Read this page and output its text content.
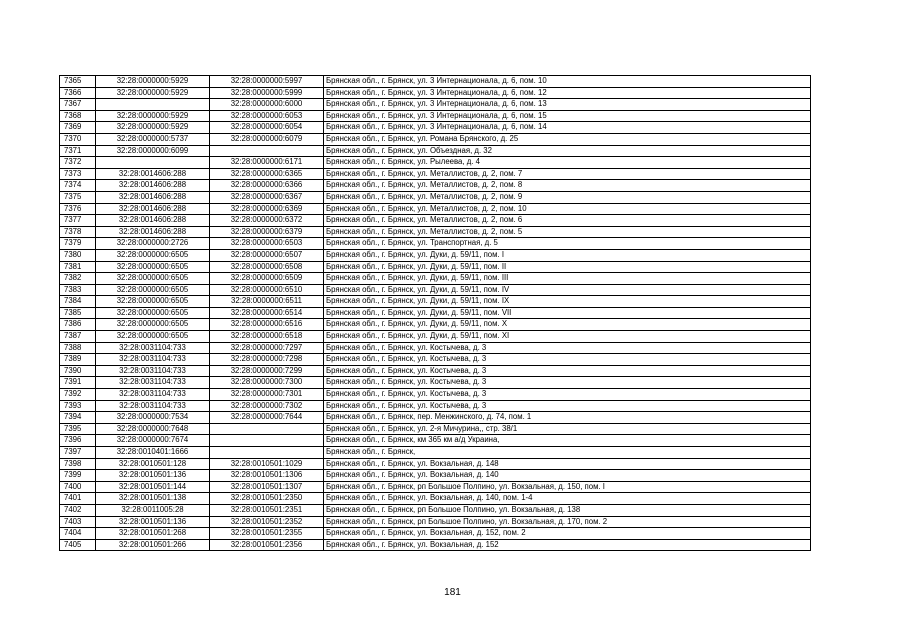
7365	32:28:0000000:5929	32:28:0000000:5997	Брянская обл., г. Брянск, ул. 3 Интернационала, д. 6, пом. 10
7366	32:28:0000000:5929	32:28:0000000:5999	Брянская обл., г. Брянск, ул. 3 Интернационала, д. 6, пом. 12
7367		32:28:0000000:6000	Брянская обл., г. Брянск, ул. 3 Интернационала, д. 6, пом. 13
7368	32:28:0000000:5929	32:28:0000000:6053	Брянская обл., г. Брянск, ул. 3 Интернационала, д. 6, пом. 15
7369	32:28:0000000:5929	32:28:0000000:6054	Брянская обл., г. Брянск, ул. 3 Интернационала, д. 6, пом. 14
7370	32:28:0000000:5737	32:28:0000000:6079	Брянская обл., г. Брянск, ул. Романа Брянского, д. 25
7371	32:28:0000000:6099		Брянская обл., г. Брянск, ул. Объездная, д. 32
7372		32:28:0000000:6171	Брянская обл., г. Брянск, ул. Рылеева, д. 4
7373	32:28:0014606:288	32:28:0000000:6365	Брянская обл., г. Брянск, ул. Металлистов, д. 2, пом. 7
7374	32:28:0014606:288	32:28:0000000:6366	Брянская обл., г. Брянск, ул. Металлистов, д. 2, пом. 8
7375	32:28:0014606:288	32:28:0000000:6367	Брянская обл., г. Брянск, ул. Металлистов, д. 2, пом. 9
7376	32:28:0014606:288	32:28:0000000:6369	Брянская обл., г. Брянск, ул. Металлистов, д. 2, пом. 10
7377	32:28:0014606:288	32:28:0000000:6372	Брянская обл., г. Брянск, ул. Металлистов, д. 2, пом. 6
7378	32:28:0014606:288	32:28:0000000:6379	Брянская обл., г. Брянск, ул. Металлистов, д. 2, пом. 5
7379	32:28:0000000:2726	32:28:0000000:6503	Брянская обл., г. Брянск, ул. Транспортная, д. 5
7380	32:28:0000000:6505	32:28:0000000:6507	Брянская обл., г. Брянск, ул. Дуки, д. 59/11, пом. I
7381	32:28:0000000:6505	32:28:0000000:6508	Брянская обл., г. Брянск, ул. Дуки, д. 59/11, пом. II
7382	32:28:0000000:6505	32:28:0000000:6509	Брянская обл., г. Брянск, ул. Дуки, д. 59/11, пом. III
7383	32:28:0000000:6505	32:28:0000000:6510	Брянская обл., г. Брянск, ул. Дуки, д. 59/11, пом. IV
7384	32:28:0000000:6505	32:28:0000000:6511	Брянская обл., г. Брянск, ул. Дуки, д. 59/11, пом. IX
7385	32:28:0000000:6505	32:28:0000000:6514	Брянская обл., г. Брянск, ул. Дуки, д. 59/11, пом. VII
7386	32:28:0000000:6505	32:28:0000000:6516	Брянская обл., г. Брянск, ул. Дуки, д. 59/11, пом. X
7387	32:28:0000000:6505	32:28:0000000:6518	Брянская обл., г. Брянск, ул. Дуки, д. 59/11, пом. XI
7388	32:28:0031104:733	32:28:0000000:7297	Брянская обл., г. Брянск, ул. Костычева, д. 3
7389	32:28:0031104:733	32:28:0000000:7298	Брянская обл., г. Брянск, ул. Костычева, д. 3
7390	32:28:0031104:733	32:28:0000000:7299	Брянская обл., г. Брянск, ул. Костычева, д. 3
7391	32:28:0031104:733	32:28:0000000:7300	Брянская обл., г. Брянск, ул. Костычева, д. 3
7392	32:28:0031104:733	32:28:0000000:7301	Брянская обл., г. Брянск, ул. Костычева, д. 3
7393	32:28:0031104:733	32:28:0000000:7302	Брянская обл., г. Брянск, ул. Костычева, д. 3
7394	32:28:0000000:7534	32:28:0000000:7644	Брянская обл., г. Брянск, пер. Менжинского, д. 74, пом. 1
7395	32:28:0000000:7648		Брянская обл., г. Брянск, ул. 2-я Мичурина,, стр. 38/1
7396	32:28:0000000:7674		Брянская обл., г. Брянск, км 365 км а/д Украина,
7397	32:28:0010401:1666		Брянская обл., г. Брянск,
7398	32:28:0010501:128	32:28:0010501:1029	Брянская обл., г. Брянск, ул. Вокзальная, д. 148
7399	32:28:0010501:136	32:28:0010501:1306	Брянская обл., г. Брянск, ул. Вокзальная, д. 140
7400	32:28:0010501:144	32:28:0010501:1307	Брянская обл., г. Брянск, рп Большое Полпино, ул. Вокзальная, д. 150, пом. I
7401	32:28:0010501:138	32:28:0010501:2350	Брянская обл., г. Брянск, ул. Вокзальная, д. 140, пом. 1-4
7402	32:28:0011005:28	32:28:0010501:2351	Брянская обл., г. Брянск, рп Большое Полпино, ул. Вокзальная, д. 138
7403	32:28:0010501:136	32:28:0010501:2352	Брянская обл., г. Брянск, рп Большое Полпино, ул. Вокзальная, д. 170, пом. 2
7404	32:28:0010501:268	32:28:0010501:2355	Брянская обл., г. Брянск, ул. Вокзальная, д. 152, пом. 2
7405	32:28:0010501:266	32:28:0010501:2356	Брянская обл., г. Брянск, ул. Вокзальная, д. 152
181
